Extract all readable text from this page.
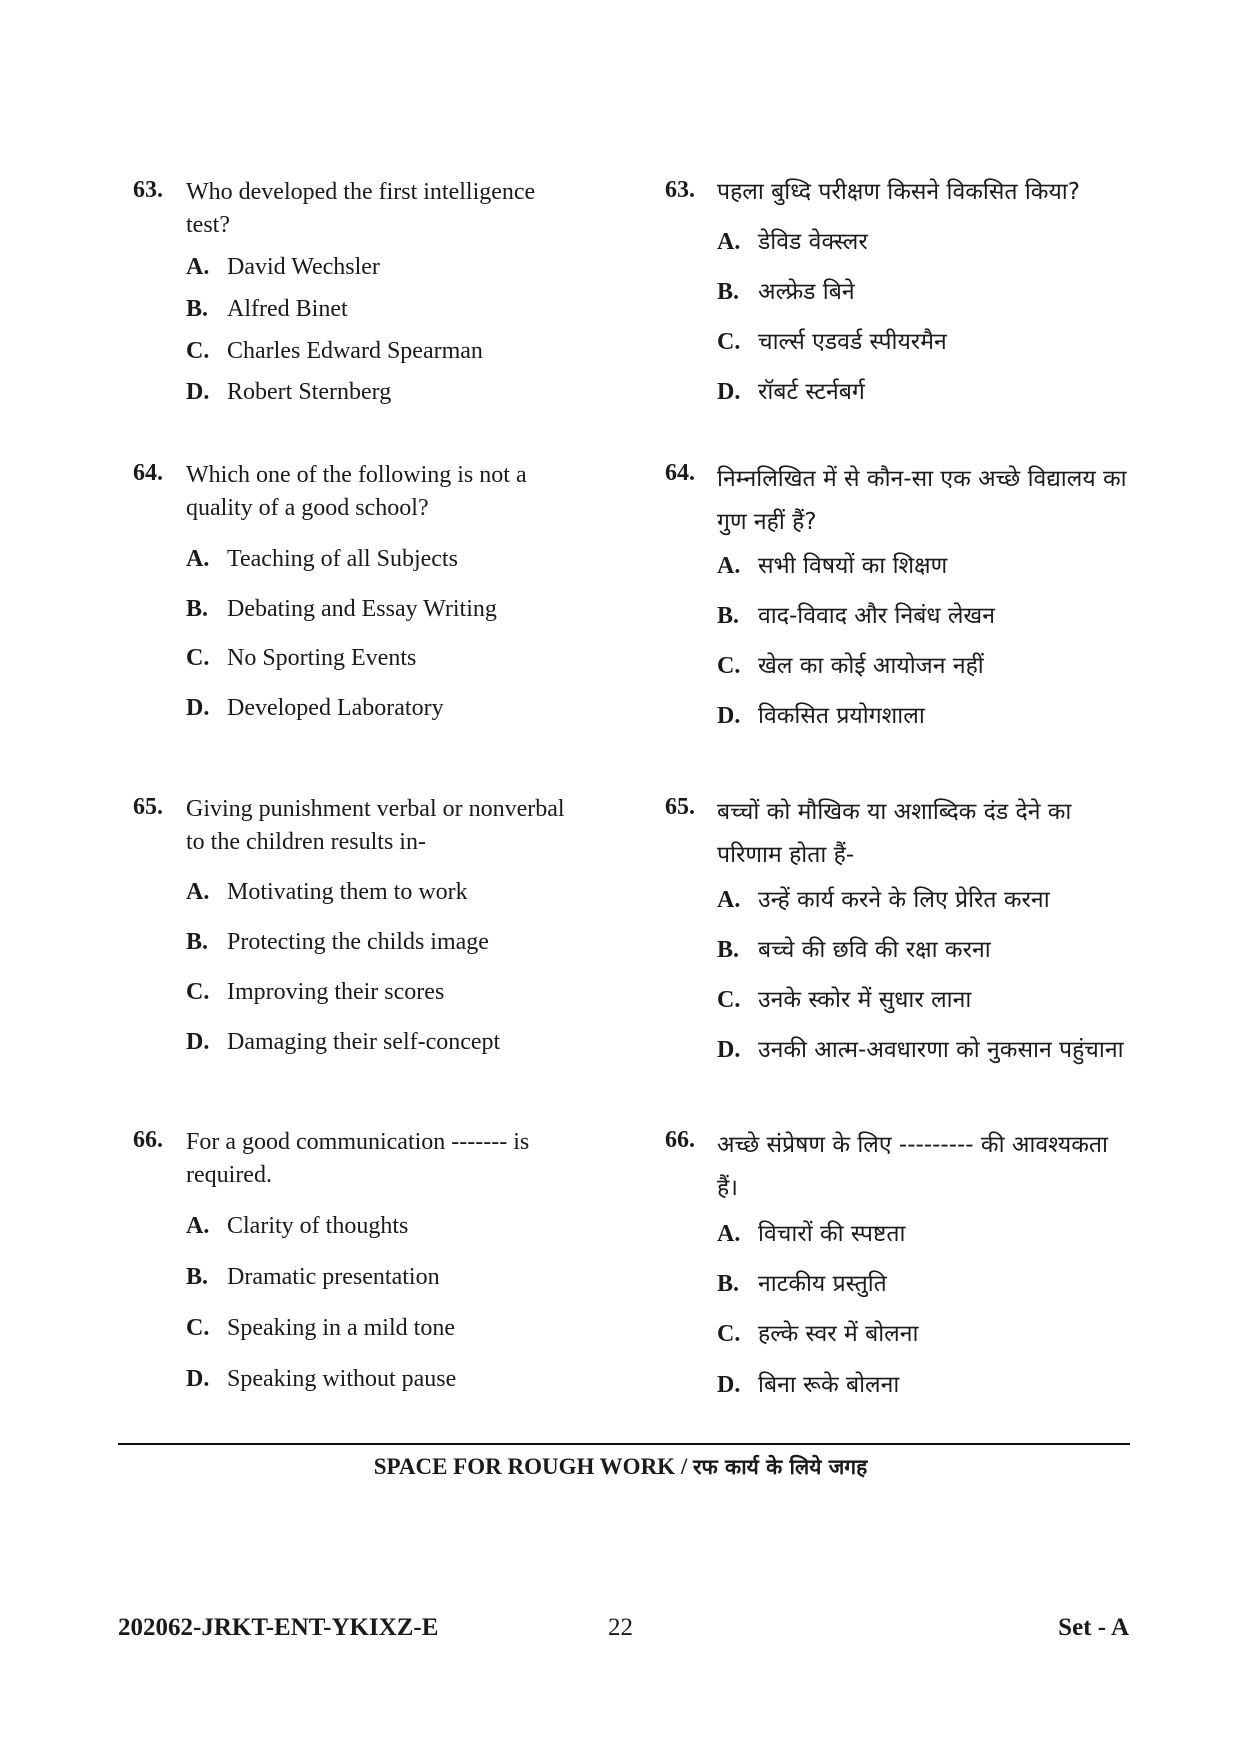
63. Who developed the first intelligence
test?
A. David Wechsler
B. Alfred Binet
C. Charles Edward Spearman
D. Robert Sternberg
64. Which one of the following is not a
quality of a good school?
A. Teaching of all Subjects
B. Debating and Essay Writing
C. No Sporting Events
D. Developed Laboratory
65. Giving punishment verbal or nonverbal
to the children results in-
A. Motivating them to work
B. Protecting the childs image
C. Improving their scores
D. Damaging their self-concept
66. For a good communication ------- is
required.
A. Clarity of thoughts
B. Dramatic presentation
C. Speaking in a mild tone
D. Speaking without pause
63. पहला बुध्दि परीक्षण किसने विकसित किया?
A. डेविड वेक्स्लर
B. अल्फ्रेड बिने
C. चार्ल्स एडवर्ड स्पीयरमैन
D. रॉबर्ट स्टर्नबर्ग
64. निम्नलिखित में से कौन-सा एक अच्छे विद्यालय का
गुण नहीं हैं?
A. सभी विषयों का शिक्षण
B. वाद-विवाद और निबंध लेखन
C. खेल का कोई आयोजन नहीं
D. विकसित प्रयोगशाला
65. बच्चों को मौखिक या अशाब्दिक दंड देने का
परिणाम होता हैं-
A. उन्हें कार्य करने के लिए प्रेरित करना
B. बच्चे की छवि की रक्षा करना
C. उनके स्कोर में सुधार लाना
D. उनकी आत्म-अवधारणा को नुकसान पहुंचाना
66. अच्छे संप्रेषण के लिए --------- की आवश्यकता
हैं।
A. विचारों की स्पष्टता
B. नाटकीय प्रस्तुति
C. हल्के स्वर में बोलना
D. बिना रूके बोलना
SPACE FOR ROUGH WORK / रफ कार्य के लिये जगह
202062-JRKT-ENT-YKIXZ-E	22	Set - A
